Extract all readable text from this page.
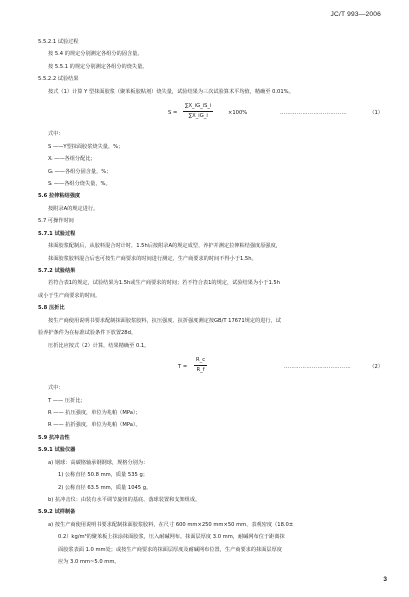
JC/T 993—2006
5.5.2.1 试验过程
按 5.4 的规定分别测定各组分的固含量。
按 5.5.1 的规定分别测定各组分的烧失量。
5.5.2.2 试验结果
按式（1）计算 Y 型抹面胶浆（聚苯板胶粘剂）烧失量，试验结果为三次试验算术平均值，精确至 0.01%。
$S = \frac{\sum X\_iG\_iS\_i}{\sum X\_iG\_i}$	×100%	………………………………	（1）
式中：
S ——Y型抹面胶浆烧失量，%；
Xᵢ ——各组分配比；
Gᵢ ——各组分固含量，%；
Sᵢ ——各组分烧失量，%。
5.6 拉伸粘结强度
按附录A的规定进行。
5.7 可操作时间
5.7.1 试验过程
抹面胶浆配制后，从胶料混合时计时，1.5h后按附录A的规定成型、养护并测定拉伸粘结强度原强度，
抹面胶浆胶料混合后也可按生产商要求的时间进行测定，生产商要求的时间不得小于1.5h。
5.7.2 试验结果
若符合表1的规定，试验结果为1.5h或生产商要求的时间；若不符合表1的规定，试验结果为小于1.5h
或小于生产商要求的时间。
5.8 压折比
按生产商使用说明书要求配制抹面胶浆胶料，抗压强度、抗折强度测定按GB/T 17671规定的进行，试
验养护条件为在标准试验条件下放置28d。
压折比应按式（2）计算，结果精确至 0.1。
$T = \frac{R\_c}{R\_f}$	………………………………	（2）
式中：
T —— 压折比；
R —— 抗压强度，单位为兆帕（MPa）；
R —— 抗折强度，单位为兆帕（MPa）。
5.9 抗冲击性
5.9.1 试验仪器
a) 钢球：高碳铬轴承钢钢球，规格分别为：
1) 公称直径 50.8 mm，质量 535 g；
2) 公称直径 63.5 mm，质量 1045 g。
b) 抗冲击仪：由装有水平调节旋钮的基底、落球装置和支架组成。
5.9.2 试样制备
a) 按生产商使用说明书要求配制抹面胶浆胶料，在尺寸 600 mm×250 mm×50 mm、表观密度（18.0±
0.2）kg/m³的聚苯板上抹涂抹面胶浆，压入耐碱网布。抹面层厚度 3.0 mm，耐碱网布位于距离抹
面胶浆表面 1.0 mm处；或按生产商要求的抹面层厚度及耐碱网布位置，生产商要求的抹面层厚度
应为 3.0 mm~5.0 mm。
3
